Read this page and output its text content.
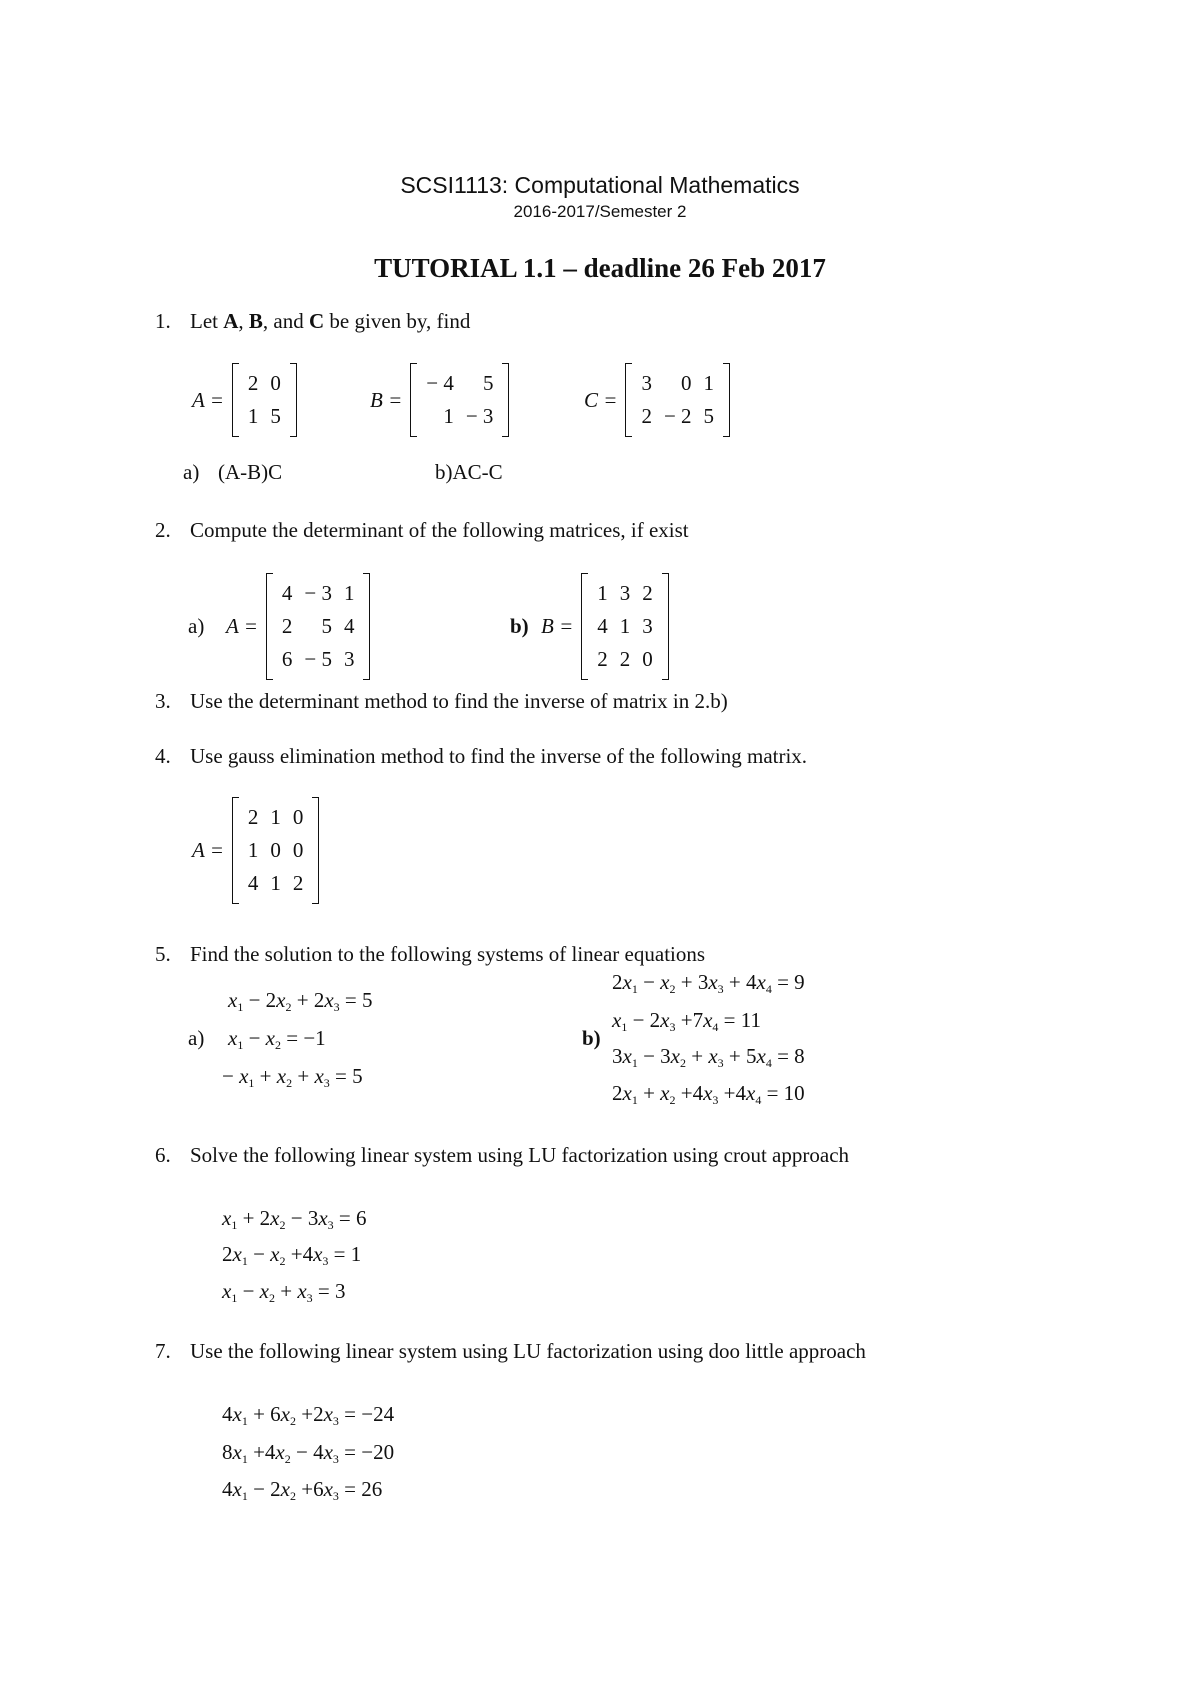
SCSI1113: Computational Mathematics
2016-2017/Semester 2
TUTORIAL 1.1 – deadline 26 Feb 2017
1. Let A, B, and C be given by, find
A =
2 0
1 5
B =
− 4	5
1 − 3
C =
3	0 1
2 − 2 5
a) (A-B)C	b)AC-C
2. Compute the determinant of the following matrices, if exist
a) A =
4 − 3 1
2	5 4
6 − 5 3
b) B =
1 3 2
4 1 3
2 2 0
3. Use the determinant method to find the inverse of matrix in 2.b)
4. Use gauss elimination method to find the inverse of the following matrix.
A =
2 1 0
1 0 0
4 1 2
5. Find the solution to the following systems of linear equations
a)
$x_1 - 2x_2 + 2x_3 = 5$
$x_1 - x_2 = -1$
− $x_1 + x_2 + x_3 = 5$
b)
$2x_1 - x_2 + 3x_3 + 4x_4 = 9$
$x_1 - 2x_3 +7x_4 = 11$
$3x_1 - 3x_2 + x_3 + 5x_4 = 8$
$2x_1 + x_2 +4x_3 +4x_4 = 10$
6. Solve the following linear system using LU factorization using crout approach
$x_1 + 2x_2 - 3x_3 = 6$
$2x_1 - x_2 +4x_3 = 1$
$x_1 - x_2 + x_3 = 3$
7. Use the following linear system using LU factorization using doo little approach
$4x_1 + 6x_2 +2x_3 = -24$
$8x_1 +4x_2 - 4x_3 = -20$
$4x_1 - 2x_2 +6x_3 = 26$
